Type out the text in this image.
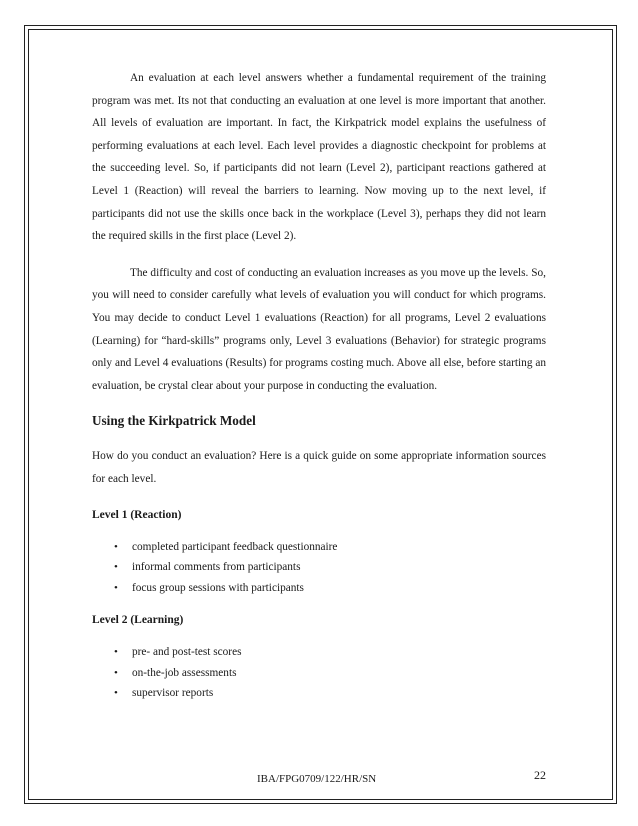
An evaluation at each level answers whether a fundamental requirement of the training program was met. Its not that conducting an evaluation at one level is more important that another. All levels of evaluation are important. In fact, the Kirkpatrick model explains the usefulness of performing evaluations at each level. Each level provides a diagnostic checkpoint for problems at the succeeding level. So, if participants did not learn (Level 2), participant reactions gathered at Level 1 (Reaction) will reveal the barriers to learning. Now moving up to the next level, if participants did not use the skills once back in the workplace (Level 3), perhaps they did not learn the required skills in the first place (Level 2).

The difficulty and cost of conducting an evaluation increases as you move up the levels. So, you will need to consider carefully what levels of evaluation you will conduct for which programs. You may decide to conduct Level 1 evaluations (Reaction) for all programs, Level 2 evaluations (Learning) for “hard-skills” programs only, Level 3 evaluations (Behavior) for strategic programs only and Level 4 evaluations (Results) for programs costing much. Above all else, before starting an evaluation, be crystal clear about your purpose in conducting the evaluation.

Using the Kirkpatrick Model

How do you conduct an evaluation? Here is a quick guide on some appropriate information sources for each level.

Level 1 (Reaction)
• completed participant feedback questionnaire
• informal comments from participants
• focus group sessions with participants
Level 2 (Learning)
• pre- and post-test scores
• on-the-job assessments
• supervisor reports
IBA/FPG0709/122/HR/SN	22
